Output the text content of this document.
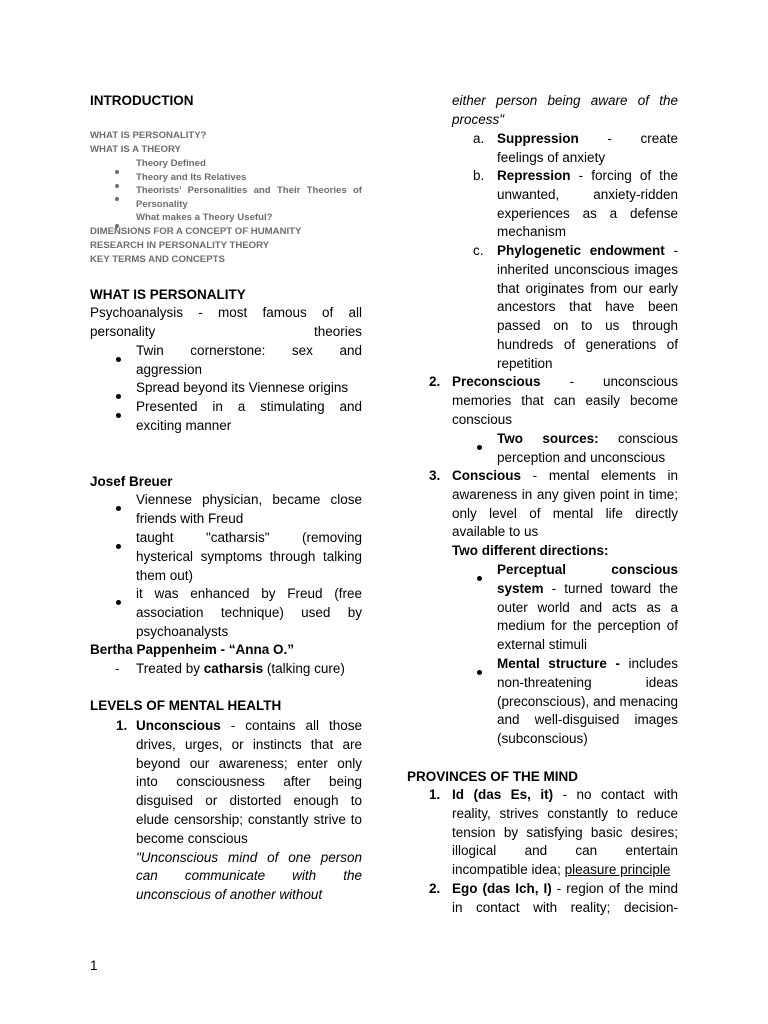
INTRODUCTION
WHAT IS PERSONALITY?
WHAT IS A THEORY
Theory Defined
Theory and Its Relatives
Theorists’ Personalities and Their Theories of Personality
What makes a Theory Useful?
DIMENSIONS FOR A CONCEPT OF HUMANITY
RESEARCH IN PERSONALITY THEORY
KEY TERMS AND CONCEPTS
WHAT IS PERSONALITY
Psychoanalysis - most famous of all personality theories
Twin cornerstone: sex and aggression
Spread beyond its Viennese origins
Presented in a stimulating and exciting manner
Josef Breuer
Viennese physician, became close friends with Freud
taught "catharsis" (removing hysterical symptoms through talking them out)
it was enhanced by Freud (free association technique) used by psychoanalysts
Bertha Pappenheim - “Anna O.”
- Treated by catharsis (talking cure)
LEVELS OF MENTAL HEALTH
1. Unconscious - contains all those drives, urges, or instincts that are beyond our awareness; enter only into consciousness after being disguised or distorted enough to elude censorship; constantly strive to become conscious
"Unconscious mind of one person can communicate with the unconscious of another without
either person being aware of the process"
a. Suppression - create feelings of anxiety
b. Repression - forcing of the unwanted, anxiety-ridden experiences as a defense mechanism
c. Phylogenetic endowment - inherited unconscious images that originates from our early ancestors that have been passed on to us through hundreds of generations of repetition
2. Preconscious - unconscious memories that can easily become conscious
Two sources: conscious perception and unconscious
3. Conscious - mental elements in awareness in any given point in time; only level of mental life directly available to us
Two different directions:
Perceptual conscious system - turned toward the outer world and acts as a medium for the perception of external stimuli
Mental structure - includes non-threatening ideas (preconscious), and menacing and well-disguised images (subconscious)
PROVINCES OF THE MIND
1. Id (das Es, it) - no contact with reality, strives constantly to reduce tension by satisfying basic desires; illogical and can entertain incompatible idea; pleasure principle
2. Ego (das Ich, I) - region of the mind in contact with reality; decision-
1
